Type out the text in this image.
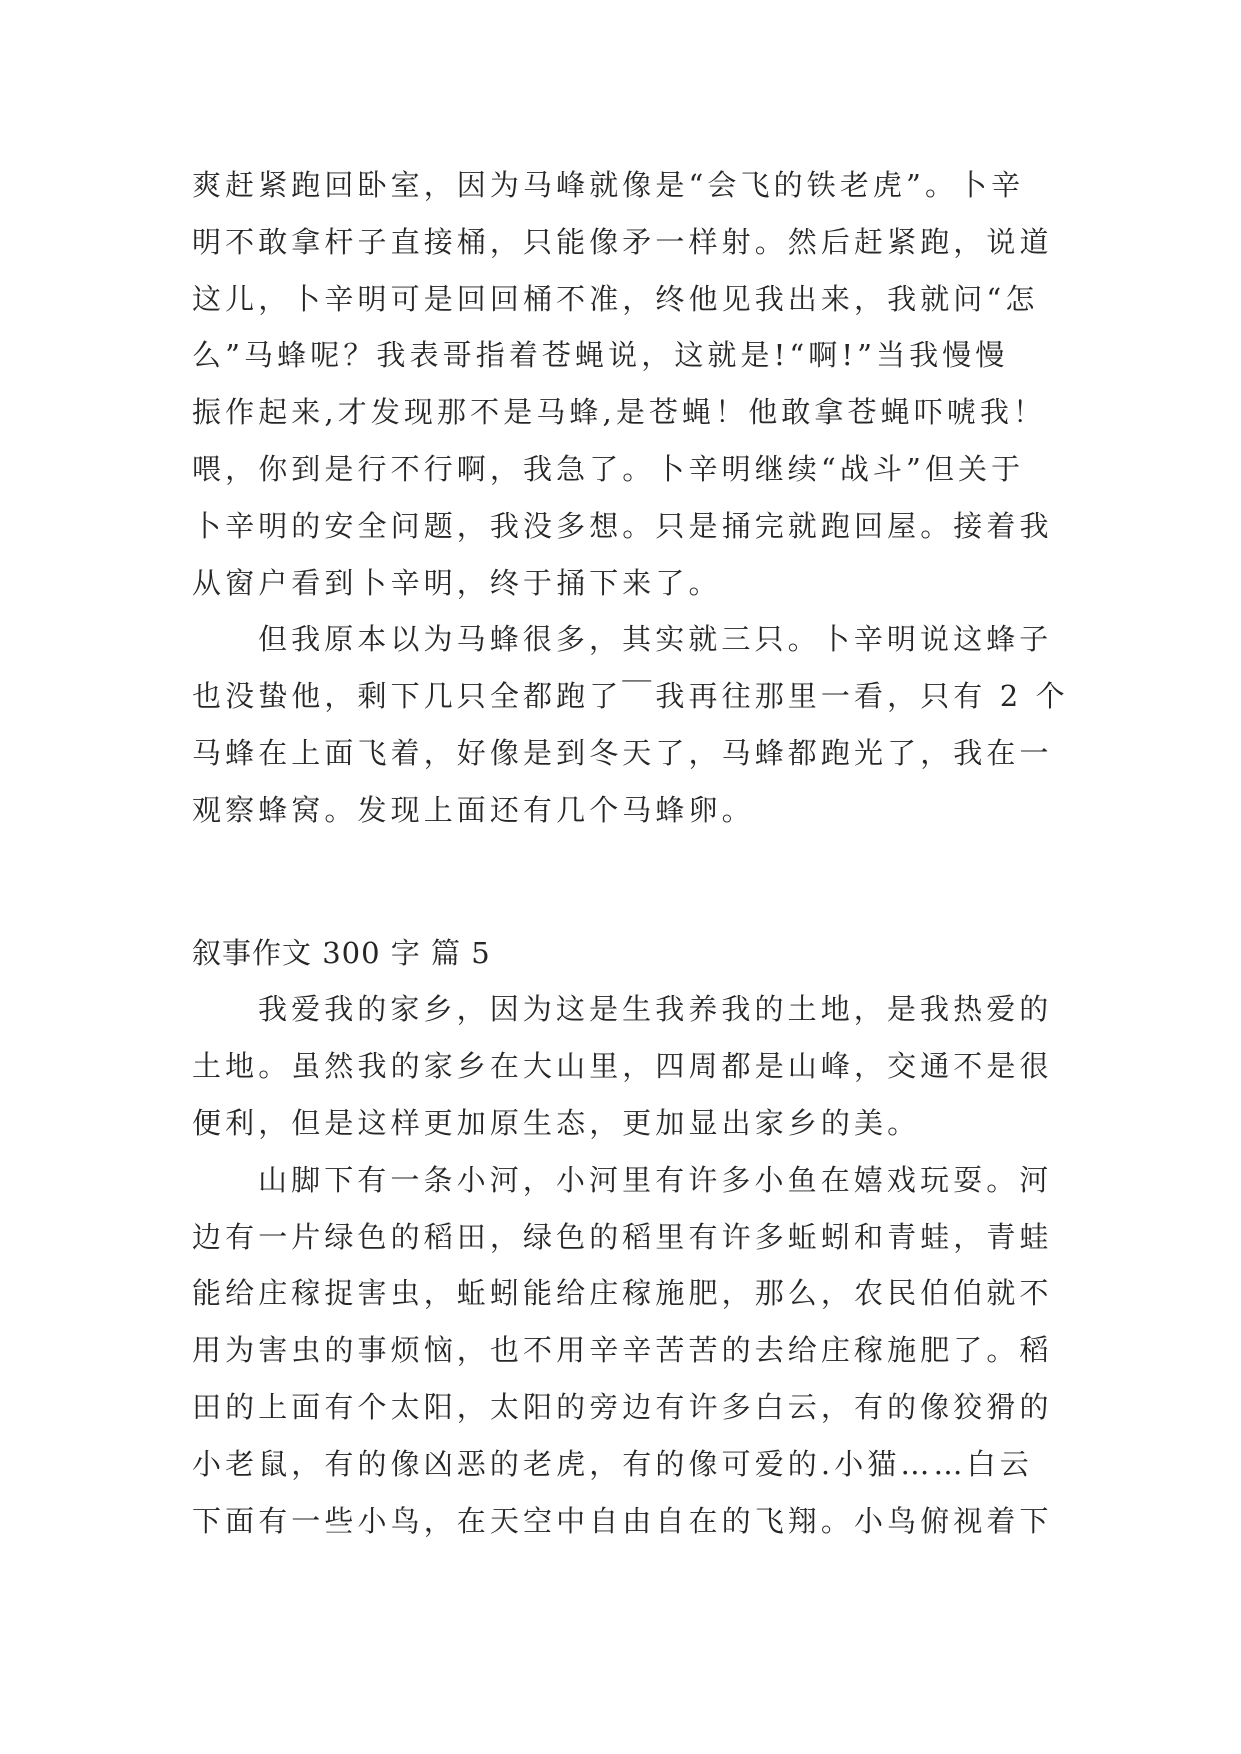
爽赶紧跑回卧室，因为马峰就像是“会飞的铁老虎”。卜辛
明不敢拿杆子直接桶，只能像矛一样射。然后赶紧跑，说道
这儿，卜辛明可是回回桶不准，终他见我出来，我就问“怎
么”马蜂呢？我表哥指着苍蝇说，这就是!“啊!”当我慢慢
振作起来,才发现那不是马蜂,是苍蝇！他敢拿苍蝇吓唬我！
喂，你到是行不行啊，我急了。卜辛明继续“战斗”但关于
卜辛明的安全问题，我没多想。只是捅完就跑回屋。接着我
从窗户看到卜辛明，终于捅下来了。
但我原本以为马蜂很多，其实就三只。卜辛明说这蜂子
也没蛰他，剩下几只全都跑了￣我再往那里一看，只有 2 个
马蜂在上面飞着，好像是到冬天了，马蜂都跑光了，我在一
观察蜂窝。发现上面还有几个马蜂卵。
叙事作文 300 字 篇 5
我爱我的家乡，因为这是生我养我的土地，是我热爱的
土地。虽然我的家乡在大山里，四周都是山峰，交通不是很
便利，但是这样更加原生态，更加显出家乡的美。
山脚下有一条小河，小河里有许多小鱼在嬉戏玩耍。河
边有一片绿色的稻田，绿色的稻里有许多蚯蚓和青蛙，青蛙
能给庄稼捉害虫，蚯蚓能给庄稼施肥，那么，农民伯伯就不
用为害虫的事烦恼，也不用辛辛苦苦的去给庄稼施肥了。稻
田的上面有个太阳，太阳的旁边有许多白云，有的像狡猾的
小老鼠，有的像凶恶的老虎，有的像可爱的.小猫……白云
下面有一些小鸟，在天空中自由自在的飞翔。小鸟俯视着下
